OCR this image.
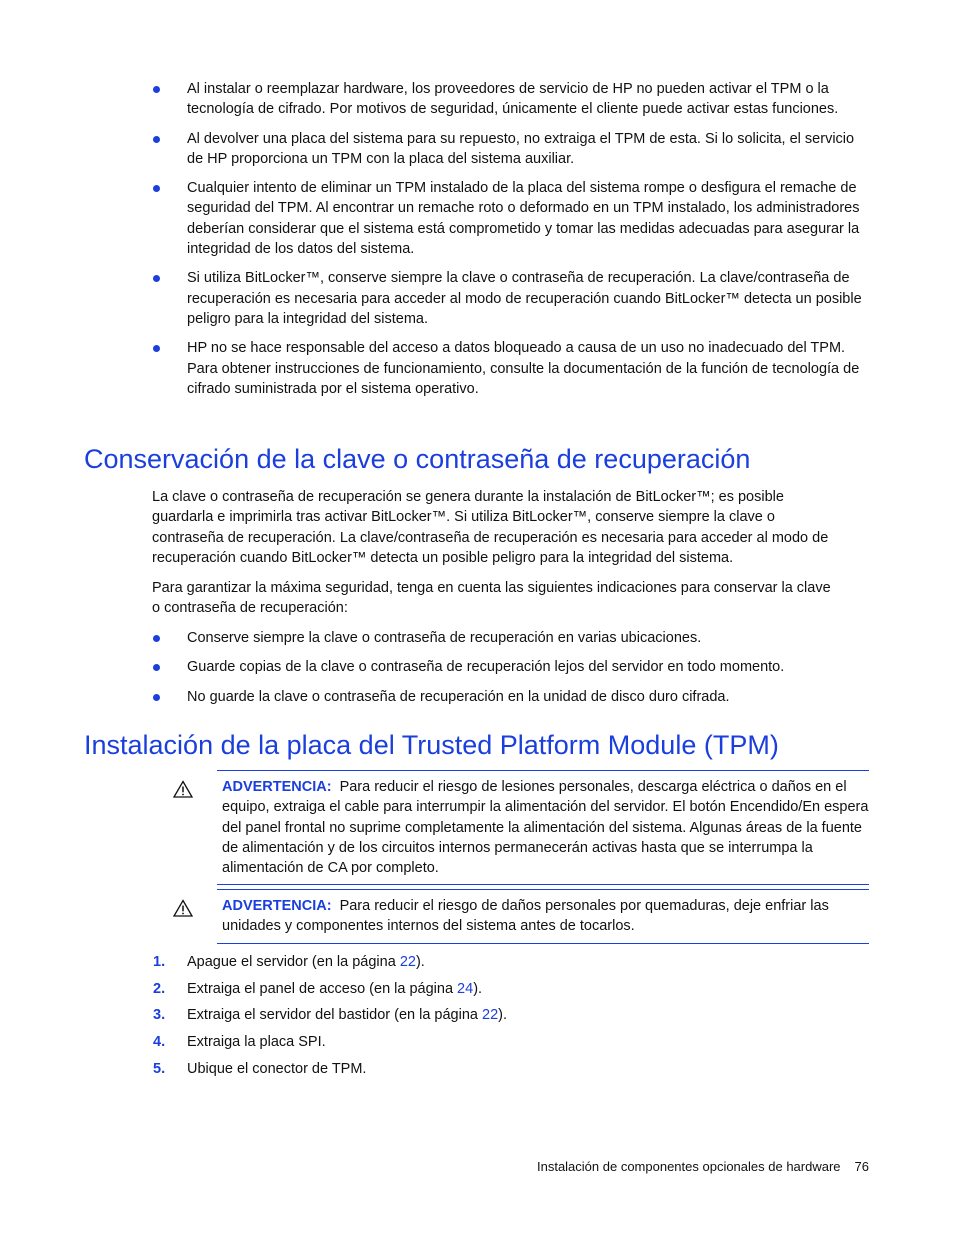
Al instalar o reemplazar hardware, los proveedores de servicio de HP no pueden activar el TPM o la tecnología de cifrado. Por motivos de seguridad, únicamente el cliente puede activar estas funciones.
Al devolver una placa del sistema para su repuesto, no extraiga el TPM de esta. Si lo solicita, el servicio de HP proporciona un TPM con la placa del sistema auxiliar.
Cualquier intento de eliminar un TPM instalado de la placa del sistema rompe o desfigura el remache de seguridad del TPM. Al encontrar un remache roto o deformado en un TPM instalado, los administradores deberían considerar que el sistema está comprometido y tomar las medidas adecuadas para asegurar la integridad de los datos del sistema.
Si utiliza BitLocker™, conserve siempre la clave o contraseña de recuperación. La clave/contraseña de recuperación es necesaria para acceder al modo de recuperación cuando BitLocker™ detecta un posible peligro para la integridad del sistema.
HP no se hace responsable del acceso a datos bloqueado a causa de un uso no inadecuado del TPM. Para obtener instrucciones de funcionamiento, consulte la documentación de la función de tecnología de cifrado suministrada por el sistema operativo.
Conservación de la clave o contraseña de recuperación

La clave o contraseña de recuperación se genera durante la instalación de BitLocker™; es posible guardarla e imprimirla tras activar BitLocker™. Si utiliza BitLocker™, conserve siempre la clave o contraseña de recuperación. La clave/contraseña de recuperación es necesaria para acceder al modo de recuperación cuando BitLocker™ detecta un posible peligro para la integridad del sistema.

Para garantizar la máxima seguridad, tenga en cuenta las siguientes indicaciones para conservar la clave o contraseña de recuperación:

Conserve siempre la clave o contraseña de recuperación en varias ubicaciones.
Guarde copias de la clave o contraseña de recuperación lejos del servidor en todo momento.
No guarde la clave o contraseña de recuperación en la unidad de disco duro cifrada.
Instalación de la placa del Trusted Platform Module (TPM)

ADVERTENCIA: Para reducir el riesgo de lesiones personales, descarga eléctrica o daños en el equipo, extraiga el cable para interrumpir la alimentación del servidor. El botón Encendido/En espera del panel frontal no suprime completamente la alimentación del sistema. Algunas áreas de la fuente de alimentación y de los circuitos internos permanecerán activas hasta que se interrumpa la alimentación de CA por completo.

ADVERTENCIA: Para reducir el riesgo de daños personales por quemaduras, deje enfriar las unidades y componentes internos del sistema antes de tocarlos.

1. Apague el servidor (en la página 22).
2. Extraiga el panel de acceso (en la página 24).
3. Extraiga el servidor del bastidor (en la página 22).
4. Extraiga la placa SPI.
5. Ubique el conector de TPM.
Instalación de componentes opcionales de hardware 76
